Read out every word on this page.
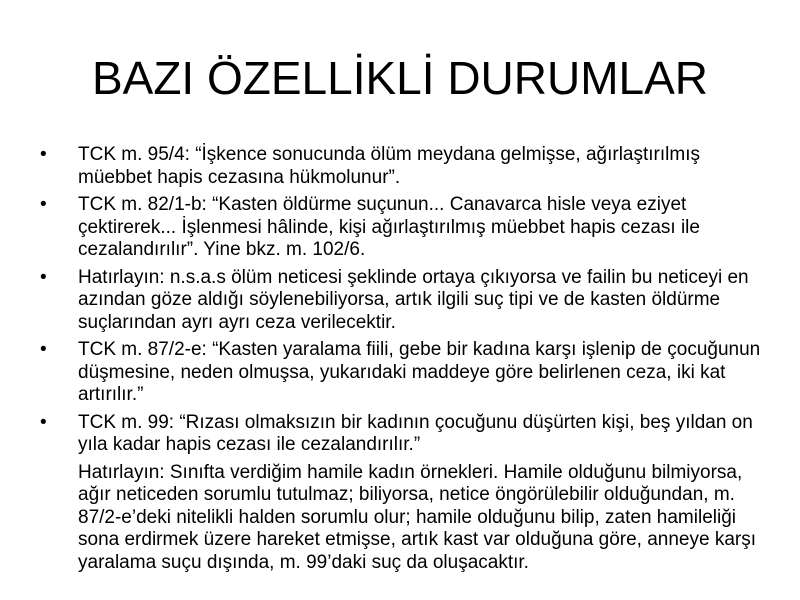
BAZI ÖZELLİKLİ DURUMLAR
•	TCK m. 95/4: “İşkence sonucunda ölüm meydana gelmişse, ağırlaştırılmış müebbet hapis cezasına hükmolunur”.
•	TCK m. 82/1-b: “Kasten öldürme suçunun... Canavarca hisle veya eziyet çektirerek... İşlenmesi hâlinde, kişi ağırlaştırılmış müebbet hapis cezası ile cezalandırılır”. Yine bkz. m. 102/6.
•	Hatırlayın: n.s.a.s ölüm neticesi şeklinde ortaya çıkıyorsa ve failin bu neticeyi en azından göze aldığı söylenebiliyorsa, artık ilgili suç tipi ve de kasten öldürme suçlarından ayrı ayrı ceza verilecektir.
•	TCK m. 87/2-e: “Kasten yaralama fiili, gebe bir kadına karşı işlenip de çocuğunun düşmesine, neden olmuşsa, yukarıdaki maddeye göre belirlenen ceza, iki kat artırılır.”
•	TCK m. 99: “Rızası olmaksızın bir kadının çocuğunu düşürten kişi, beş yıldan on yıla kadar hapis cezası ile cezalandırılır.”
Hatırlayın: Sınıfta verdiğim hamile kadın örnekleri. Hamile olduğunu bilmiyorsa, ağır neticeden sorumlu tutulmaz; biliyorsa, netice öngörülebilir olduğundan, m. 87/2-e’deki nitelikli halden sorumlu olur; hamile olduğunu bilip, zaten hamileliği sona erdirmek üzere hareket etmişse, artık kast var olduğuna göre, anneye karşı yaralama suçu dışında, m. 99’daki suç da oluşacaktır.
